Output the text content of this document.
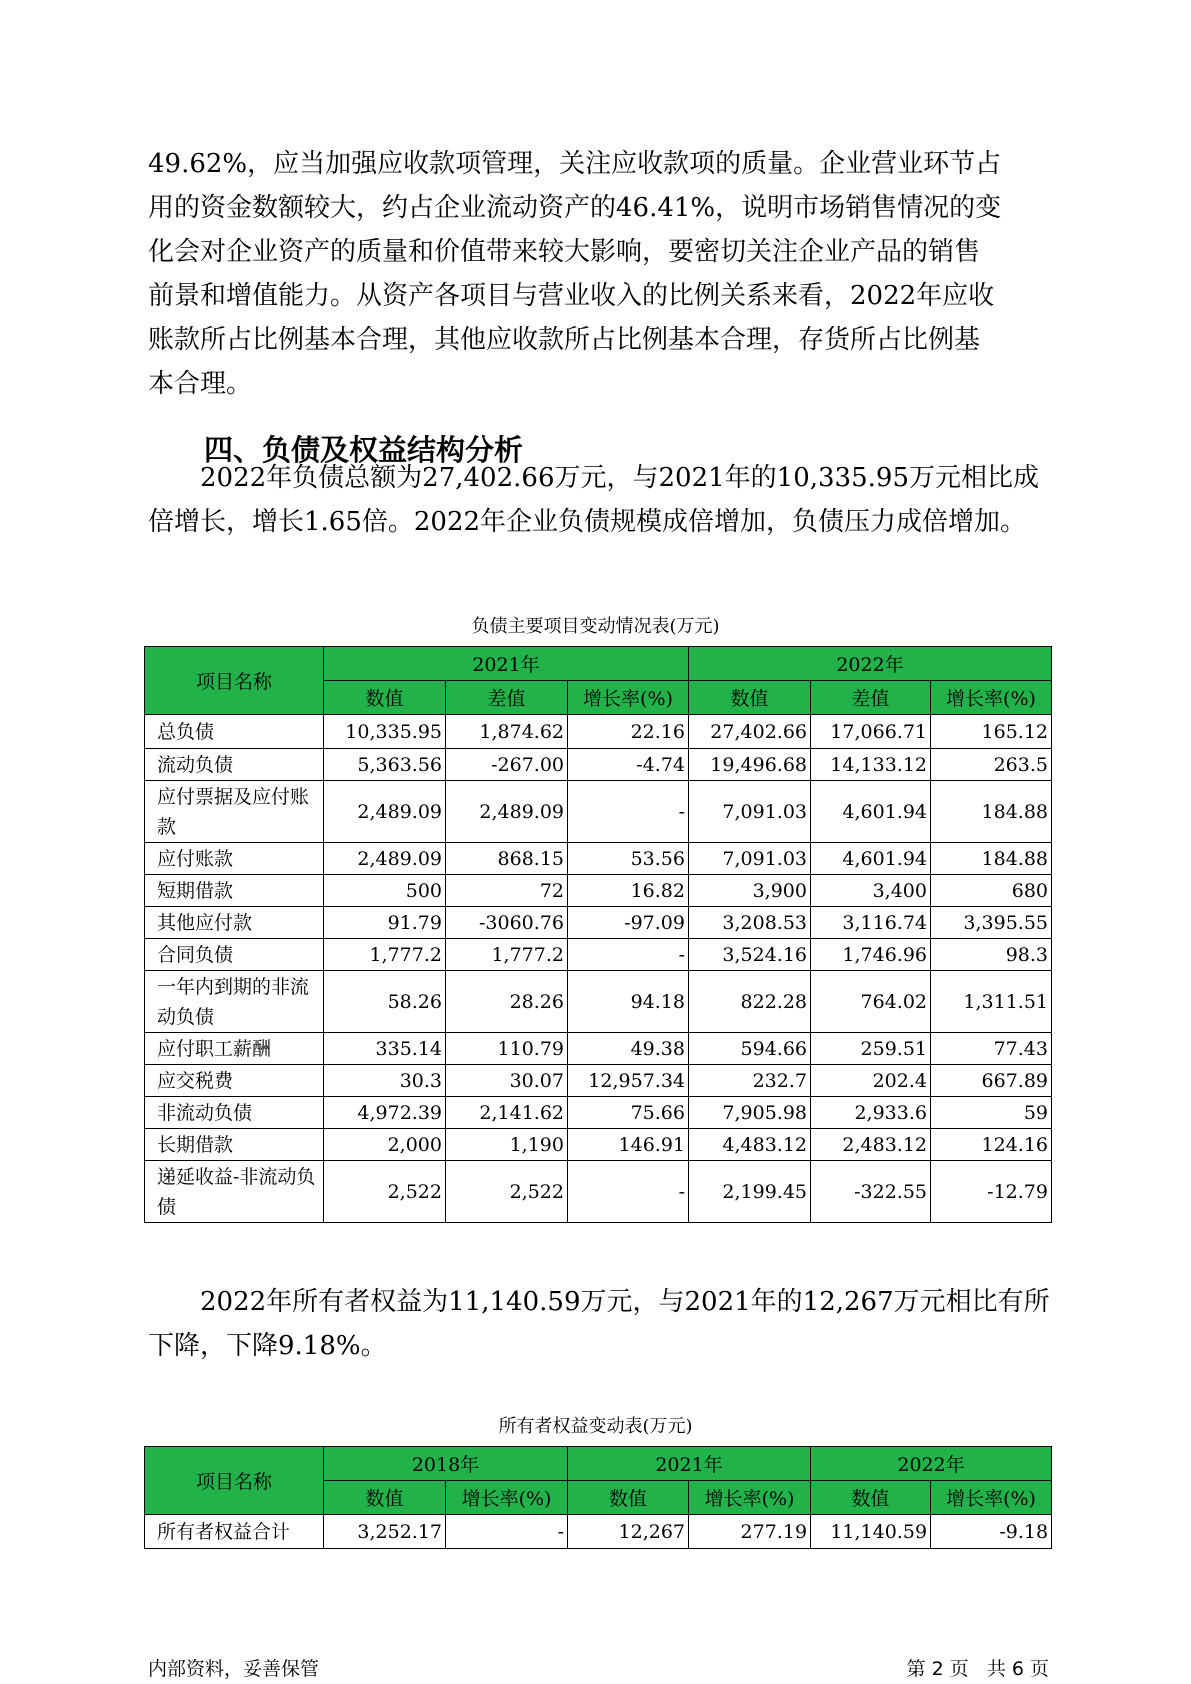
49.62%，应当加强应收款项管理，关注应收款项的质量。企业营业环节占
用的资金数额较大，约占企业流动资产的46.41%，说明市场销售情况的变
化会对企业资产的质量和价值带来较大影响，要密切关注企业产品的销售
前景和增值能力。从资产各项目与营业收入的比例关系来看，2022年应收
账款所占比例基本合理，其他应收款所占比例基本合理，存货所占比例基
本合理。
四、负债及权益结构分析
2022年负债总额为27,402.66万元，与2021年的10,335.95万元相比成
倍增长，增长1.65倍。2022年企业负债规模成倍增加，负债压力成倍增加。
负债主要项目变动情况表(万元)
项目名称	2021年			2022年		
	数值	差值	增长率(%)	数值	差值	增长率(%)
总负债	10,335.95	1,874.62	22.16	27,402.66	17,066.71	165.12
流动负债	5,363.56	-267.00	-4.74	19,496.68	14,133.12	263.5
应付票据及应付账款	2,489.09	2,489.09	-	7,091.03	4,601.94	184.88
应付账款	2,489.09	868.15	53.56	7,091.03	4,601.94	184.88
短期借款	500	72	16.82	3,900	3,400	680
其他应付款	91.79	-3060.76	-97.09	3,208.53	3,116.74	3,395.55
合同负债	1,777.2	1,777.2	-	3,524.16	1,746.96	98.3
一年内到期的非流动负债	58.26	28.26	94.18	822.28	764.02	1,311.51
应付职工薪酬	335.14	110.79	49.38	594.66	259.51	77.43
应交税费	30.3	30.07	12,957.34	232.7	202.4	667.89
非流动负债	4,972.39	2,141.62	75.66	7,905.98	2,933.6	59
长期借款	2,000	1,190	146.91	4,483.12	2,483.12	124.16
递延收益-非流动负债	2,522	2,522	-	2,199.45	-322.55	-12.79
2022年所有者权益为11,140.59万元，与2021年的12,267万元相比有所
下降，下降9.18%。
所有者权益变动表(万元)
项目名称	2018年		2021年		2022年	
	数值	增长率(%)	数值	增长率(%)	数值	增长率(%)
所有者权益合计	3,252.17	-	12,267	277.19	11,140.59	-9.18
内部资料，妥善保管	第 2 页   共 6 页
